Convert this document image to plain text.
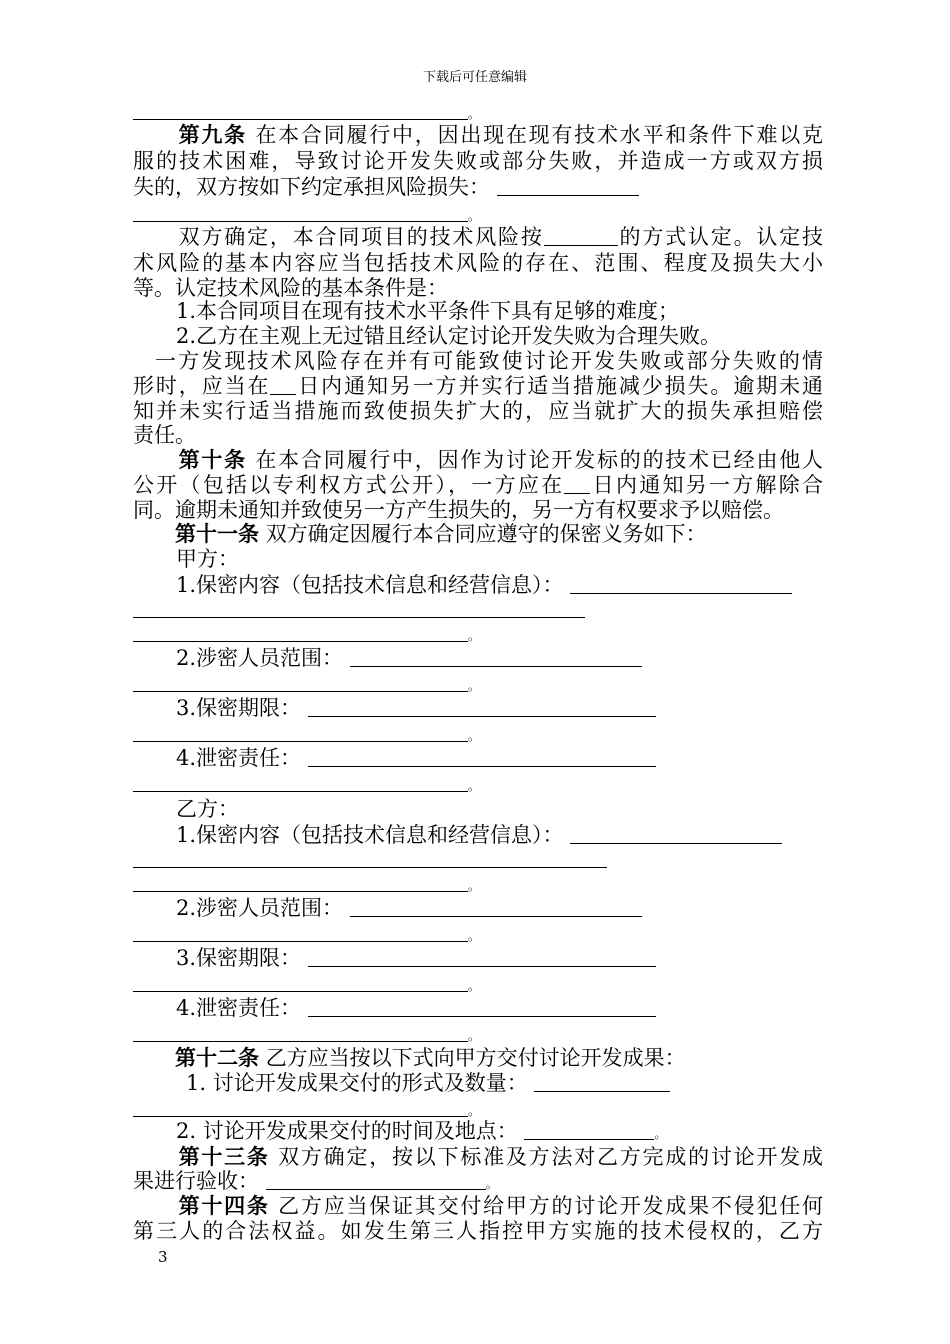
下载后可任意编辑
。
　　第九条 在本合同履行中，因出现在现有技术水平和条件下难以克
服的技术困难，导致讨论开发失败或部分失败，并造成一方或双方损
失的，双方按如下约定承担风险损失：
。
　　双方确定，本合同项目的技术风险按	的方式认定。认定技
术风险的基本内容应当包括技术风险的存在、范围、程度及损失大小
等。认定技术风险的基本条件是：
1.本合同项目在现有技术水平条件下具有足够的难度；
2.乙方在主观上无过错且经认定讨论开发失败为合理失败。
一方发现技术风险存在并有可能致使讨论开发失败或部分失败的情
形时，应当在 日内通知另一方并实行适当措施减少损失。逾期未通
知并未实行适当措施而致使损失扩大的，应当就扩大的损失承担赔偿
责任。
　　第十条 在本合同履行中，因作为讨论开发标的的技术已经由他人
公开（包括以专利权方式公开），一方应在 日内通知另一方解除合
同。逾期未通知并致使另一方产生损失的，另一方有权要求予以赔偿。
　　第十一条 双方确定因履行本合同应遵守的保密义务如下：
甲方：
1.保密内容（包括技术信息和经营信息）：
。
2.涉密人员范围：
。
3.保密期限：
。
4.泄密责任：
。
乙方：
1.保密内容（包括技术信息和经营信息）：
。
2.涉密人员范围：
。
3.保密期限：
。
4.泄密责任：
。
　　第十二条 乙方应当按以下式向甲方交付讨论开发成果：
1. 讨论开发成果交付的形式及数量：
。
2. 讨论开发成果交付的时间及地点：	。
　　第十三条 双方确定，按以下标准及方法对乙方完成的讨论开发成
果进行验收：	。
　　第十四条 乙方应当保证其交付给甲方的讨论开发成果不侵犯任何
第三人的合法权益。如发生第三人指控甲方实施的技术侵权的，乙方
3
